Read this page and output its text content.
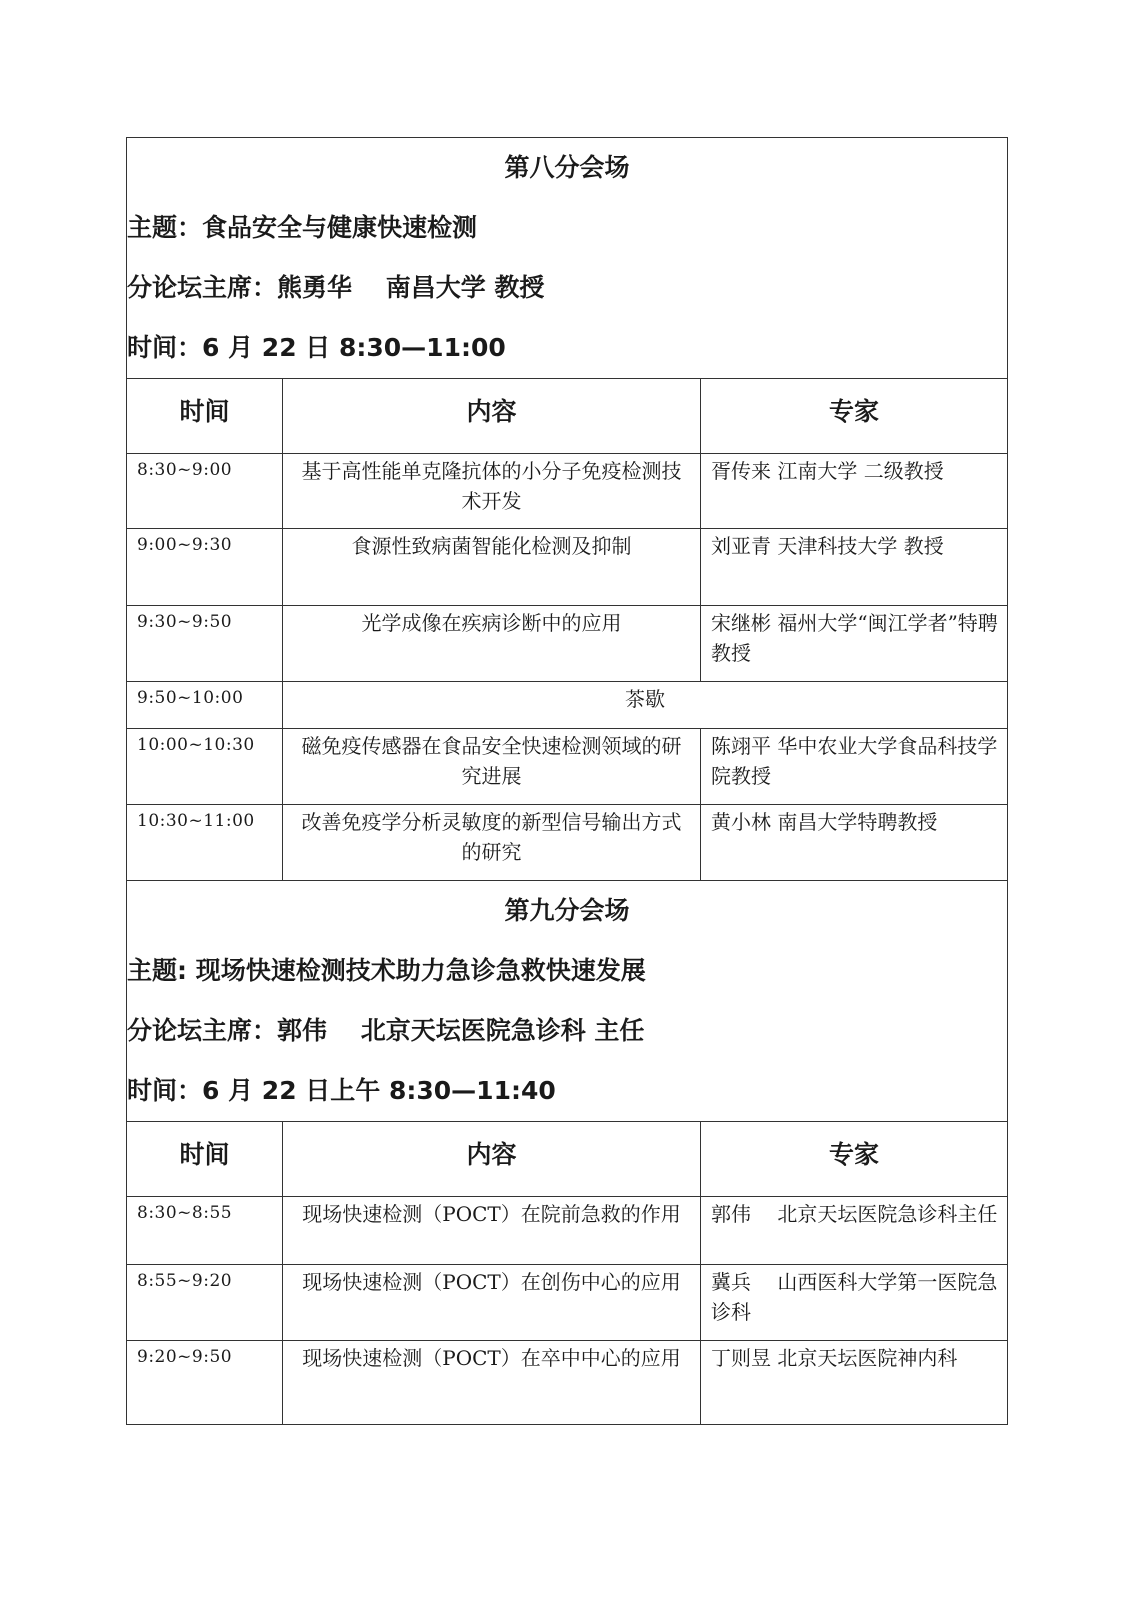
第八分会场
主题：食品安全与健康快速检测
分论坛主席：熊勇华　 南昌大学 教授
时间：6 月 22 日 8:30—11:00		

时间	内容	专家
8:30~9:00	基于高性能单克隆抗体的小分子免疫检测技术开发	胥传来 江南大学 二级教授
9:00~9:30	食源性致病菌智能化检测及抑制	刘亚青 天津科技大学 教授
9:30~9:50	光学成像在疾病诊断中的应用	宋继彬 福州大学“闽江学者”特聘教授
9:50~10:00	茶歇	
10:00~10:30	磁免疫传感器在食品安全快速检测领域的研究进展	陈翊平 华中农业大学食品科技学院教授
10:30~11:00	改善免疫学分析灵敏度的新型信号输出方式的研究	黄小林 南昌大学特聘教授

第九分会场
主题: 现场快速检测技术助力急诊急救快速发展
分论坛主席：郭伟　 北京天坛医院急诊科 主任
时间：6 月 22 日上午 8:30—11:40		

时间	内容	专家
8:30~8:55	现场快速检测（POCT）在院前急救的作用	郭伟　 北京天坛医院急诊科主任
8:55~9:20	现场快速检测（POCT）在创伤中心的应用	冀兵　 山西医科大学第一医院急诊科
9:20~9:50	现场快速检测（POCT）在卒中中心的应用	丁则昱 北京天坛医院神内科
